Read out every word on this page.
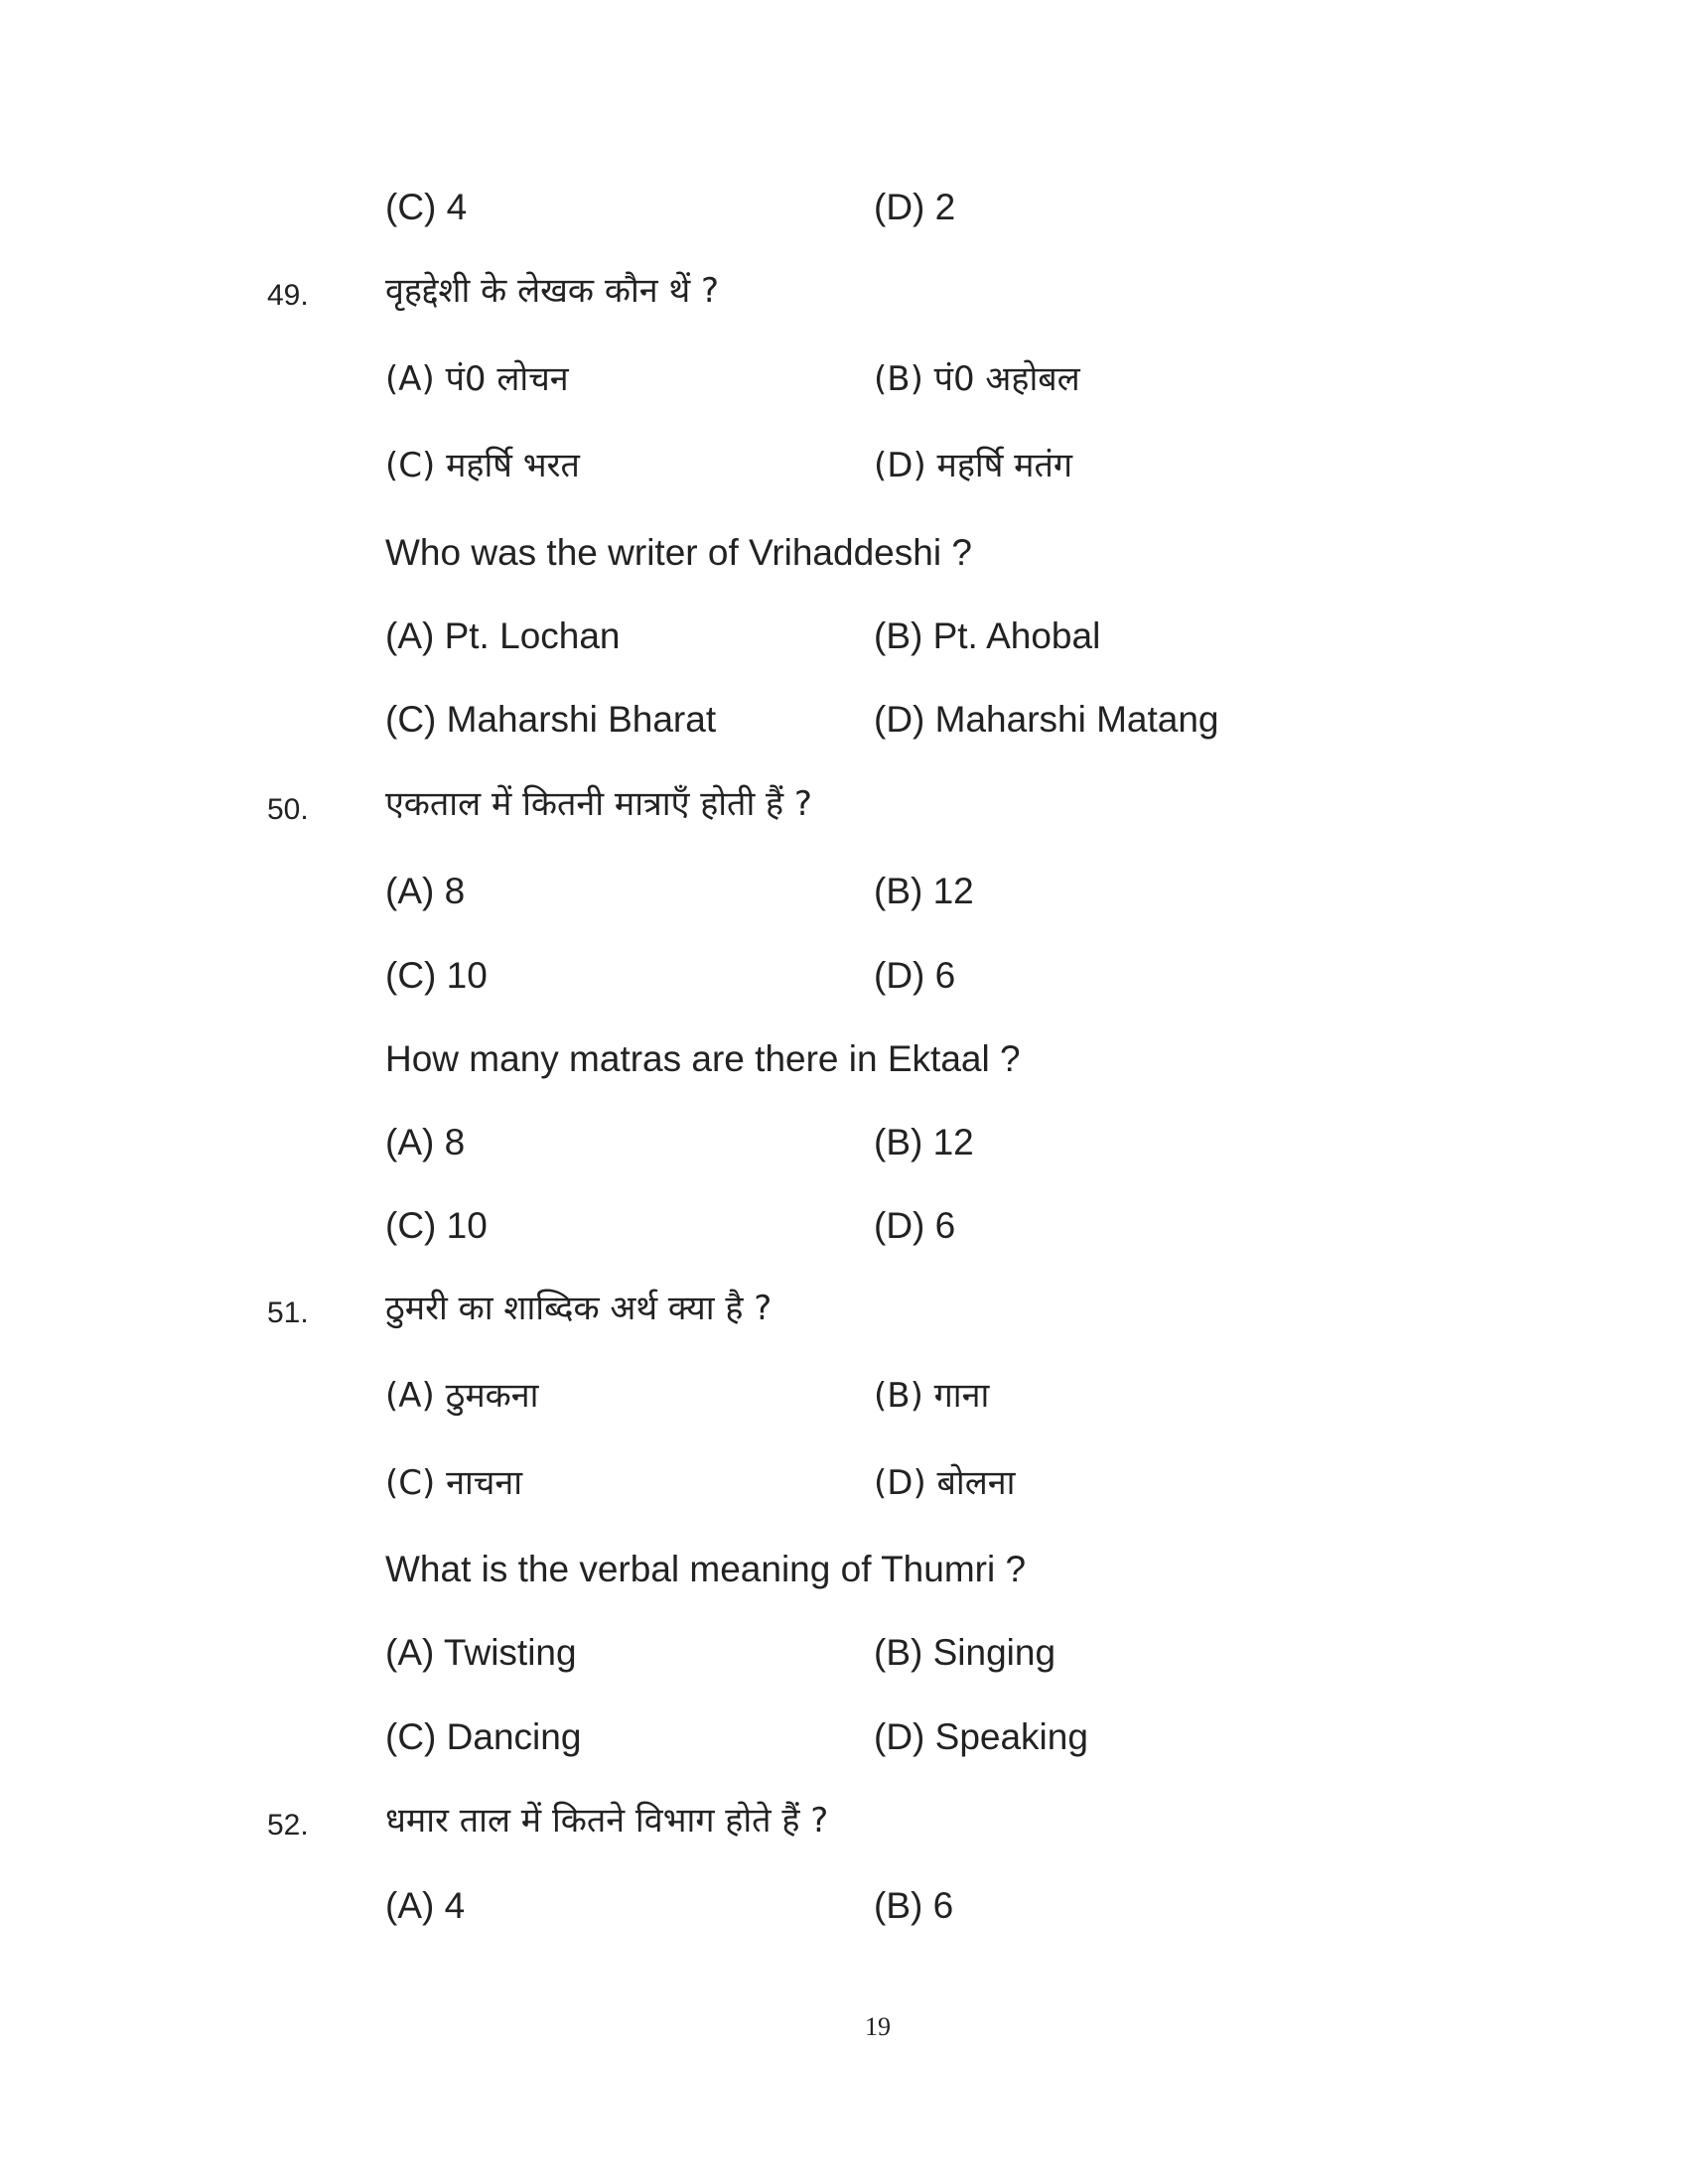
(C) 4	(D) 2
49. वृहद्देशी के लेखक कौन थें ?
(A) पं0 लोचन	(B) पं0 अहोबल
(C) महर्षि भरत	(D) महर्षि मतंग
Who was the writer of Vrihaddeshi ?
(A) Pt. Lochan	(B) Pt. Ahobal
(C) Maharshi Bharat	(D) Maharshi Matang
50. एकताल में कितनी मात्राएँ होती हैं ?
(A) 8	(B) 12
(C) 10	(D) 6
How many matras are there in Ektaal ?
(A) 8	(B) 12
(C) 10	(D) 6
51. ठुमरी का शाब्दिक अर्थ क्या है ?
(A) ठुमकना	(B) गाना
(C) नाचना	(D) बोलना
What is the verbal meaning of Thumri ?
(A) Twisting	(B) Singing
(C) Dancing	(D) Speaking
52. धमार ताल में कितने विभाग होते हैं ?
(A) 4	(B) 6
19
